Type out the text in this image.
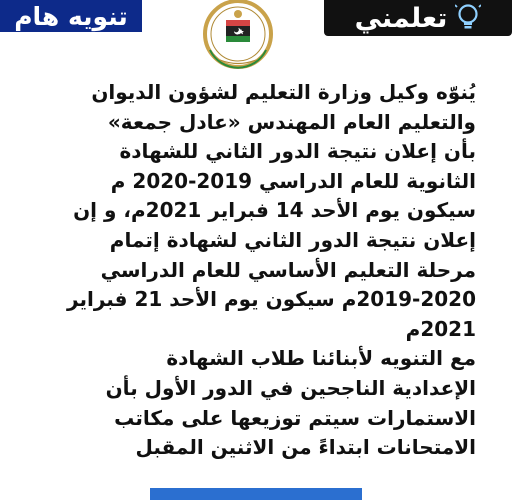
تنويه هام	تعلمني

يُنوّه وكيل وزارة التعليم لشؤون الديوان
والتعليم العام المهندس «عادل جمعة»
بأن إعلان نتيجة الدور الثاني للشهادة
الثانوية للعام الدراسي 2019-2020 م
سيكون يوم الأحد 14 فبراير 2021م، و إن
إعلان نتيجة الدور الثاني لشهادة إتمام
مرحلة التعليم الأساسي للعام الدراسي
2019-2020م سيكون يوم الأحد 21 فبراير
2021م

مع التنويه لأبنائنا طلاب الشهادة
الإعدادية الناجحين في الدور الأول بأن
الاستمارات سيتم توزيعها على مكاتب
الامتحانات ابتداءً من الاثنين المقبل
